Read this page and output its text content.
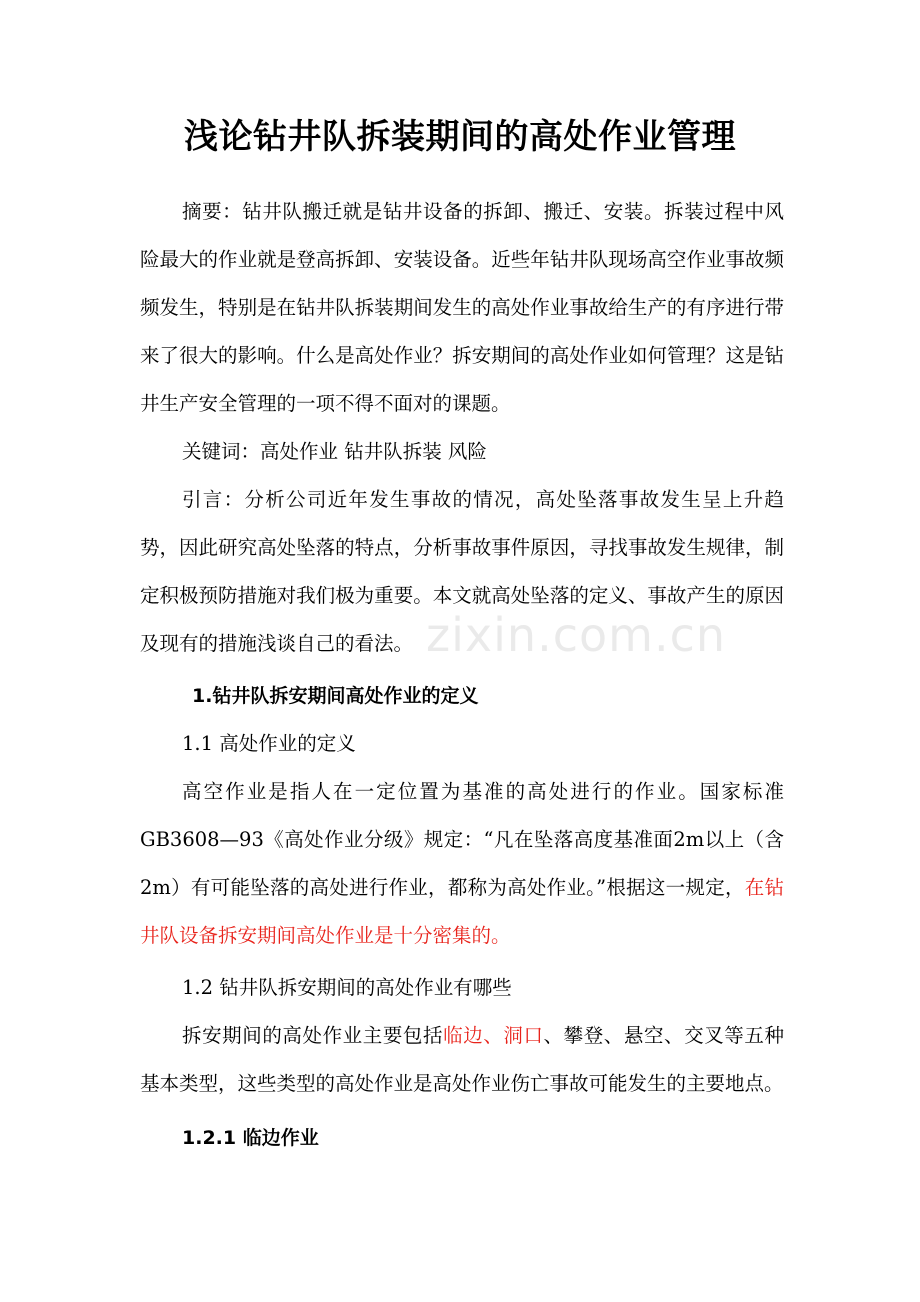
浅论钻井队拆装期间的高处作业管理

摘要：钻井队搬迁就是钻井设备的拆卸、搬迁、安装。拆装过程中风险最大的作业就是登高拆卸、安装设备。近些年钻井队现场高空作业事故频频发生，特别是在钻井队拆装期间发生的高处作业事故给生产的有序进行带来了很大的影响。什么是高处作业？拆安期间的高处作业如何管理？这是钻井生产安全管理的一项不得不面对的课题。

关键词：高处作业 钻井队拆装 风险

引言：分析公司近年发生事故的情况，高处坠落事故发生呈上升趋势，因此研究高处坠落的特点，分析事故事件原因，寻找事故发生规律，制定积极预防措施对我们极为重要。本文就高处坠落的定义、事故产生的原因及现有的措施浅谈自己的看法。

1.钻井队拆安期间高处作业的定义

1.1 高处作业的定义

高空作业是指人在一定位置为基准的高处进行的作业。国家标准GB3608—93《高处作业分级》规定：“凡在坠落高度基准面2m以上（含2m）有可能坠落的高处进行作业，都称为高处作业。”根据这一规定，在钻井队设备拆安期间高处作业是十分密集的。

1.2 钻井队拆安期间的高处作业有哪些

拆安期间的高处作业主要包括临边、洞口、攀登、悬空、交叉等五种基本类型，这些类型的高处作业是高处作业伤亡事故可能发生的主要地点。

1.2.1 临边作业

zixin.com.cn
